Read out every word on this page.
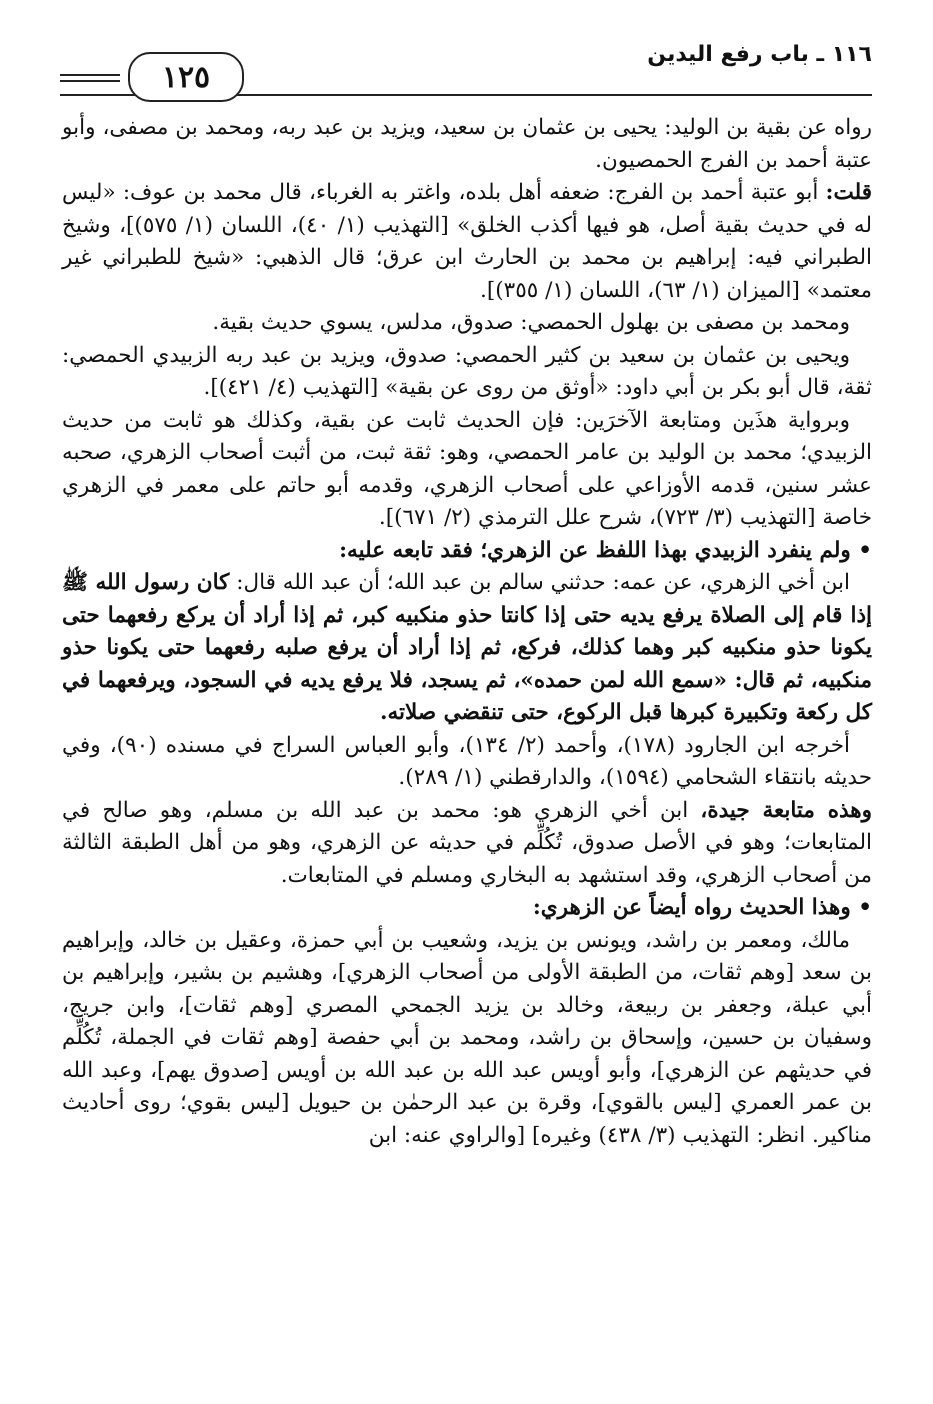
١٢٥
١١٦ ـ باب رفع اليدين

رواه عن بقية بن الوليد: يحيى بن عثمان بن سعيد، ويزيد بن عبد ربه، ومحمد بن مصفى، وأبو عتبة أحمد بن الفرج الحمصيون.

قلت: أبو عتبة أحمد بن الفرج: ضعفه أهل بلده، واغتر به الغرباء، قال محمد بن عوف: «ليس له في حديث بقية أصل، هو فيها أكذب الخلق» [التهذيب (١/ ٤٠)، اللسان (١/ ٥٧٥)]، وشيخ الطبراني فيه: إبراهيم بن محمد بن الحارث ابن عرق؛ قال الذهبي: «شيخ للطبراني غير معتمد» [الميزان (١/ ٦٣)، اللسان (١/ ٣٥٥)].

ومحمد بن مصفى بن بهلول الحمصي: صدوق، مدلس، يسوي حديث بقية.

ويحيى بن عثمان بن سعيد بن كثير الحمصي: صدوق، ويزيد بن عبد ربه الزبيدي الحمصي: ثقة، قال أبو بكر بن أبي داود: «أوثق من روى عن بقية» [التهذيب (٤/ ٤٢١)].

وبرواية هذَين ومتابعة الآخرَين: فإن الحديث ثابت عن بقية، وكذلك هو ثابت من حديث الزبيدي؛ محمد بن الوليد بن عامر الحمصي، وهو: ثقة ثبت، من أثبت أصحاب الزهري، صحبه عشر سنين، قدمه الأوزاعي على أصحاب الزهري، وقدمه أبو حاتم على معمر في الزهري خاصة [التهذيب (٣/ ٧٢٣)، شرح علل الترمذي (٢/ ٦٧١)].

• ولم ينفرد الزبيدي بهذا اللفظ عن الزهري؛ فقد تابعه عليه:

ابن أخي الزهري، عن عمه: حدثني سالم بن عبد الله؛ أن عبد الله قال: كان رسول الله ﷺ إذا قام إلى الصلاة يرفع يديه حتى إذا كانتا حذو منكبيه كبر، ثم إذا أراد أن يركع رفعهما حتى يكونا حذو منكبيه كبر وهما كذلك، فركع، ثم إذا أراد أن يرفع صلبه رفعهما حتى يكونا حذو منكبيه، ثم قال: «سمع الله لمن حمده»، ثم يسجد، فلا يرفع يديه في السجود، ويرفعهما في كل ركعة وتكبيرة كبرها قبل الركوع، حتى تنقضي صلاته.

أخرجه ابن الجارود (١٧٨)، وأحمد (٢/ ١٣٤)، وأبو العباس السراج في مسنده (٩٠)، وفي حديثه بانتقاء الشحامي (١٥٩٤)، والدارقطني (١/ ٢٨٩).

وهذه متابعة جيدة، ابن أخي الزهري هو: محمد بن عبد الله بن مسلم، وهو صالح في المتابعات؛ وهو في الأصل صدوق، تُكُلِّم في حديثه عن الزهري، وهو من أهل الطبقة الثالثة من أصحاب الزهري، وقد استشهد به البخاري ومسلم في المتابعات.

• وهذا الحديث رواه أيضاً عن الزهري:

مالك، ومعمر بن راشد، ويونس بن يزيد، وشعيب بن أبي حمزة، وعقيل بن خالد، وإبراهيم بن سعد [وهم ثقات، من الطبقة الأولى من أصحاب الزهري]، وهشيم بن بشير، وإبراهيم بن أبي عبلة، وجعفر بن ربيعة، وخالد بن يزيد الجمحي المصري [وهم ثقات]، وابن جريج، وسفيان بن حسين، وإسحاق بن راشد، ومحمد بن أبي حفصة [وهم ثقات في الجملة، تُكُلِّم في حديثهم عن الزهري]، وأبو أويس عبد الله بن عبد الله بن أويس [صدوق يهم]، وعبد الله بن عمر العمري [ليس بالقوي]، وقرة بن عبد الرحمٰن بن حيويل [ليس بقوي؛ روى أحاديث مناكير. انظر: التهذيب (٣/ ٤٣٨) وغيره] [والراوي عنه: ابن
